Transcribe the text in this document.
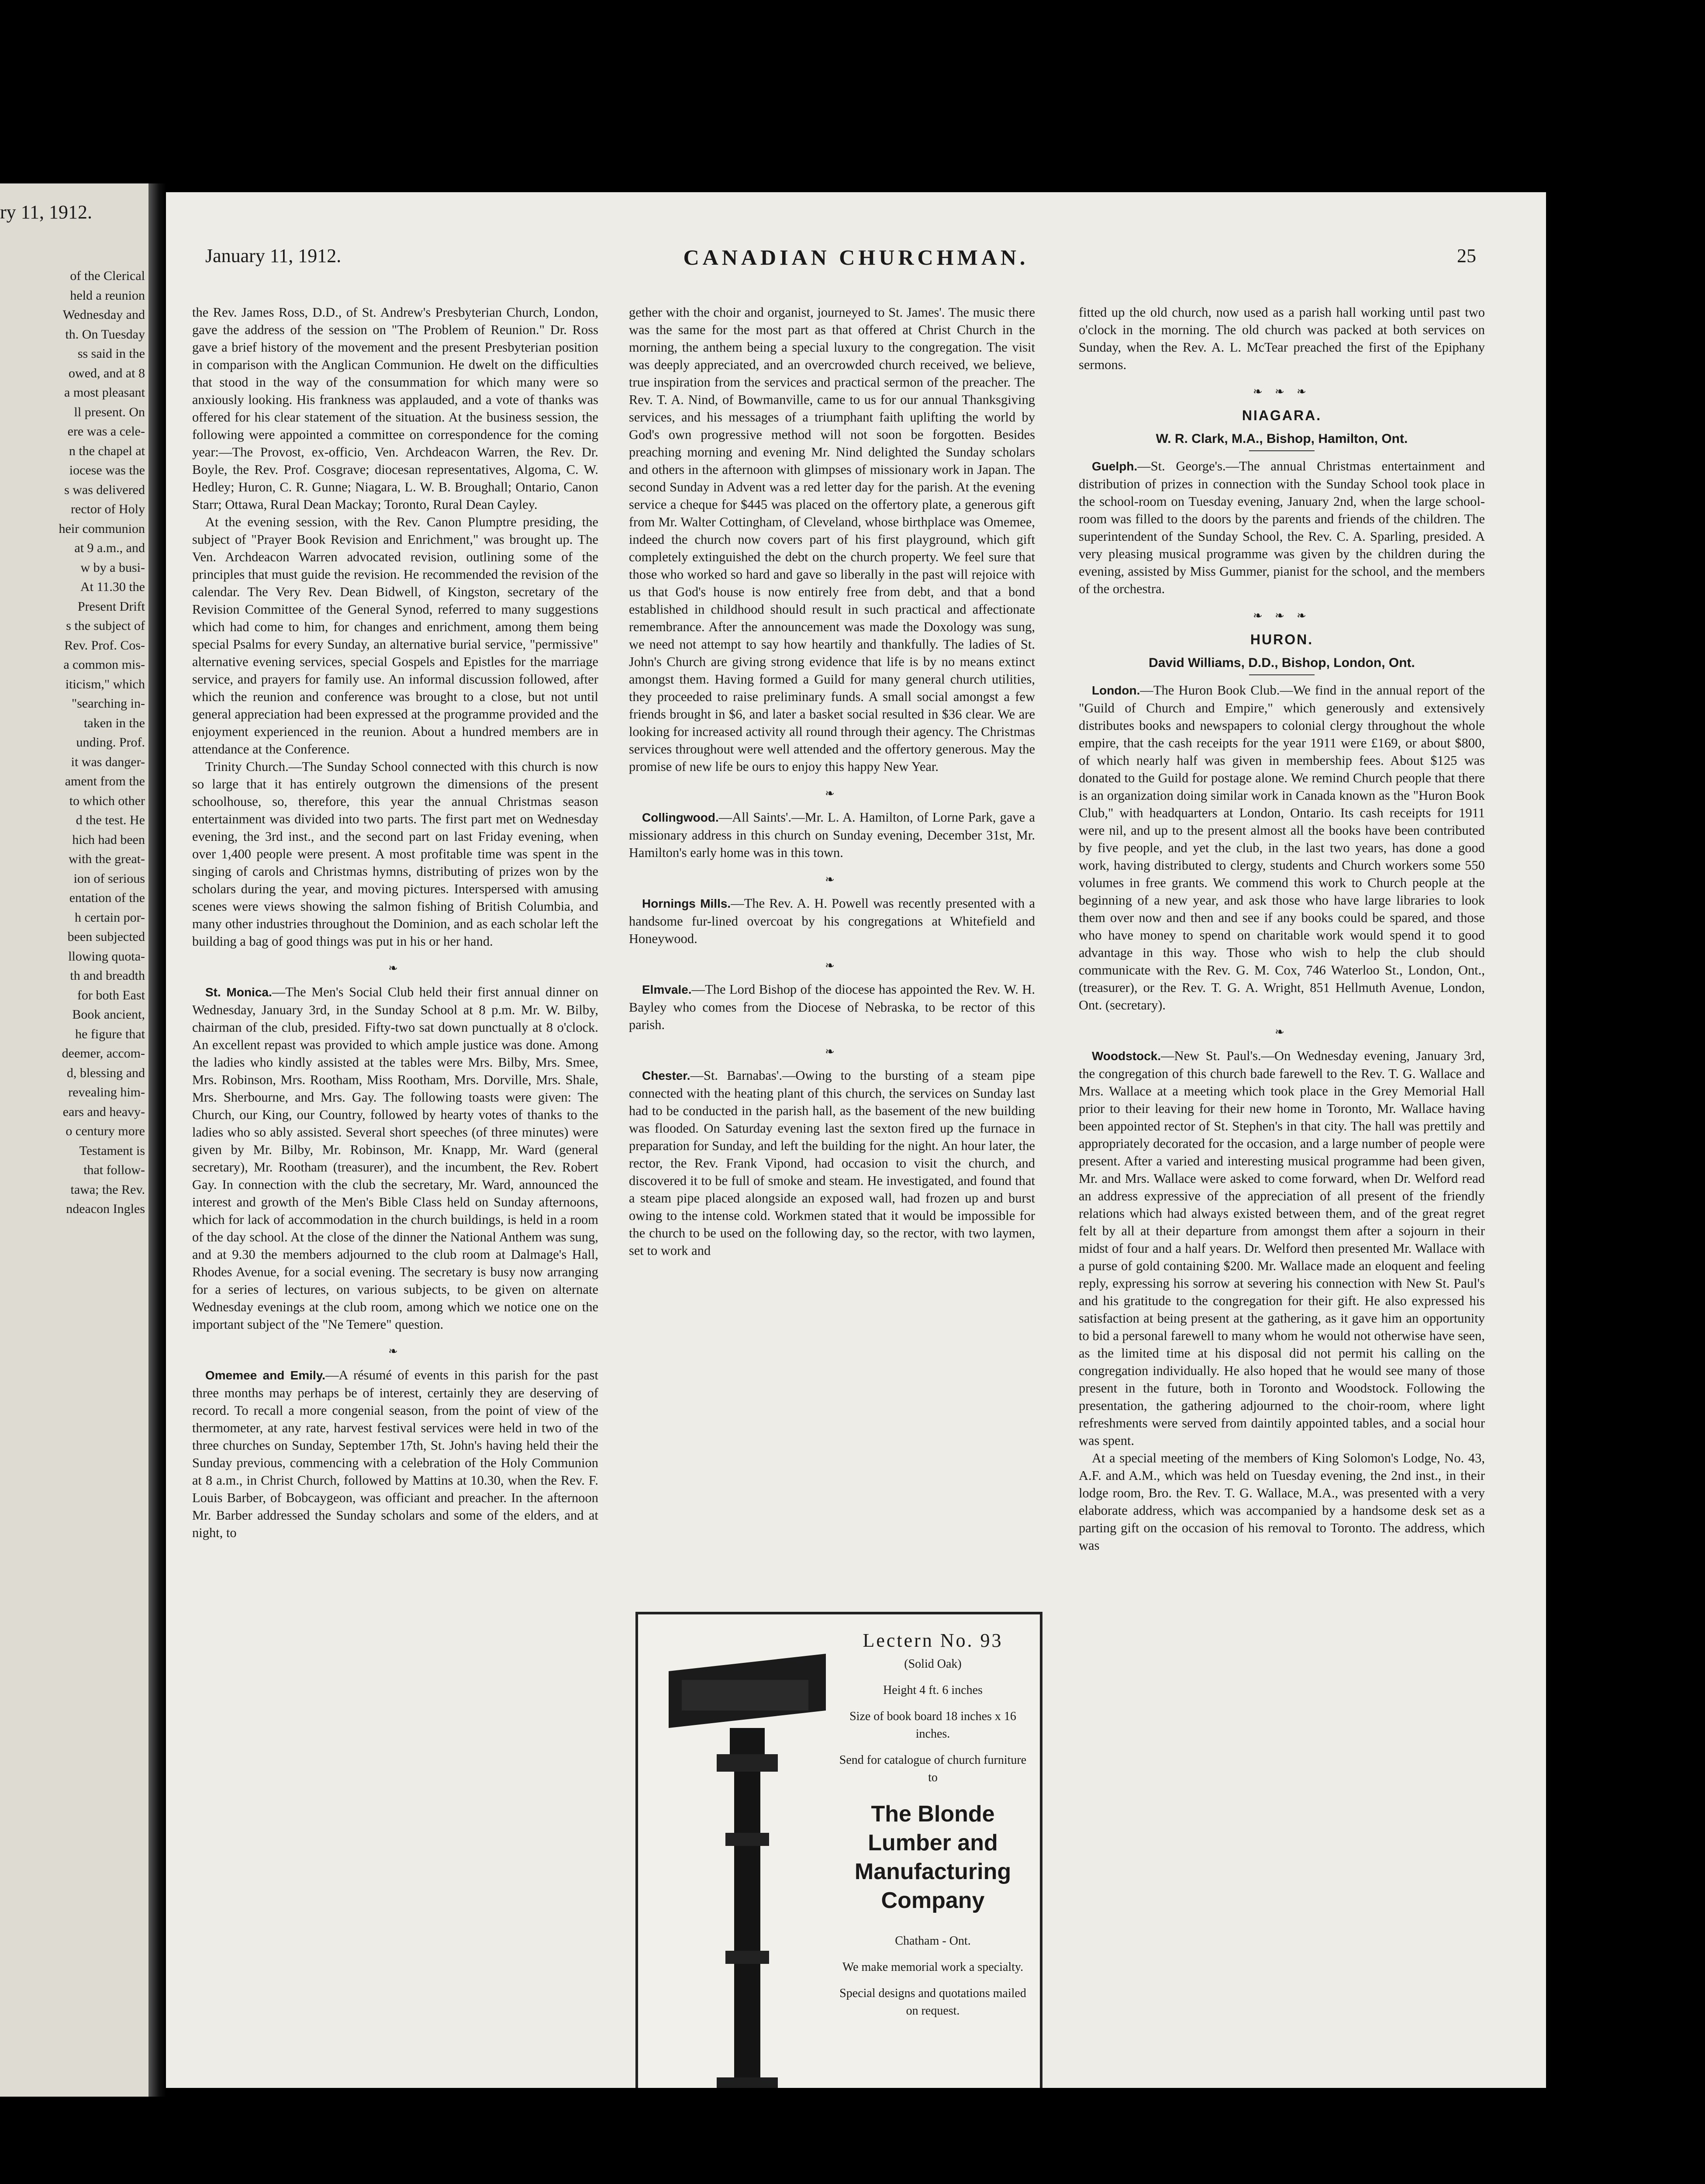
ry 11, 1912.
of the Clerical
held a reunion
Wednesday and
th. On Tuesday
ss said in the
owed, and at 8
a most pleasant
ll present. On
ere was a cele-
n the chapel at
iocese was the
s was delivered
rector of Holy
heir communion
at 9 a.m., and
w by a busi-
At 11.30 the
Present Drift
s the subject of
Rev. Prof. Cos-
a common mis-
iticism," which
"searching in-
taken in the
unding. Prof.
it was danger-
ament from the
to which other
d the test. He
hich had been
with the great-
ion of serious
entation of the
h certain por-
been subjected
llowing quota-
th and breadth
for both East
Book ancient,
he figure that
deemer, accom-
d, blessing and
revealing him-
ears and heavy-
o century more
Testament is
that follow-
tawa; the Rev.
ndeacon Ingles
January 11, 1912.	CANADIAN CHURCHMAN.	25

the Rev. James Ross, D.D., of St. Andrew's Presbyterian Church, London, gave the address of the session on "The Problem of Reunion." Dr. Ross gave a brief history of the movement and the present Presbyterian position in comparison with the Anglican Communion. He dwelt on the difficulties that stood in the way of the consummation for which many were so anxiously looking. His frankness was applauded, and a vote of thanks was offered for his clear statement of the situation. At the business session, the following were appointed a committee on correspondence for the coming year:—The Provost, ex-officio, Ven. Archdeacon Warren, the Rev. Dr. Boyle, the Rev. Prof. Cosgrave; diocesan representatives, Algoma, C. W. Hedley; Huron, C. R. Gunne; Niagara, L. W. B. Broughall; Ontario, Canon Starr; Ottawa, Rural Dean Mackay; Toronto, Rural Dean Cayley.

At the evening session, with the Rev. Canon Plumptre presiding, the subject of "Prayer Book Revision and Enrichment," was brought up. The Ven. Archdeacon Warren advocated revision, outlining some of the principles that must guide the revision. He recommended the revision of the calendar. The Very Rev. Dean Bidwell, of Kingston, secretary of the Revision Committee of the General Synod, referred to many suggestions which had come to him, for changes and enrichment, among them being special Psalms for every Sunday, an alternative burial service, "permissive" alternative evening services, special Gospels and Epistles for the marriage service, and prayers for family use. An informal discussion followed, after which the reunion and conference was brought to a close, but not until general appreciation had been expressed at the programme provided and the enjoyment experienced in the reunion. About a hundred members are in attendance at the Conference.

Trinity Church.—The Sunday School connected with this church is now so large that it has entirely outgrown the dimensions of the present schoolhouse, so, therefore, this year the annual Christmas season entertainment was divided into two parts. The first part met on Wednesday evening, the 3rd inst., and the second part on last Friday evening, when over 1,400 people were present. A most profitable time was spent in the singing of carols and Christmas hymns, distributing of prizes won by the scholars during the year, and moving pictures. Interspersed with amusing scenes were views showing the salmon fishing of British Columbia, and many other industries throughout the Dominion, and as each scholar left the building a bag of good things was put in his or her hand.

❧

St. Monica.—The Men's Social Club held their first annual dinner on Wednesday, January 3rd, in the Sunday School at 8 p.m. Mr. W. Bilby, chairman of the club, presided. Fifty-two sat down punctually at 8 o'clock. An excellent repast was provided to which ample justice was done. Among the ladies who kindly assisted at the tables were Mrs. Bilby, Mrs. Smee, Mrs. Robinson, Mrs. Rootham, Miss Rootham, Mrs. Dorville, Mrs. Shale, Mrs. Sherbourne, and Mrs. Gay. The following toasts were given: The Church, our King, our Country, followed by hearty votes of thanks to the ladies who so ably assisted. Several short speeches (of three minutes) were given by Mr. Bilby, Mr. Robinson, Mr. Knapp, Mr. Ward (general secretary), Mr. Rootham (treasurer), and the incumbent, the Rev. Robert Gay. In connection with the club the secretary, Mr. Ward, announced the interest and growth of the Men's Bible Class held on Sunday afternoons, which for lack of accommodation in the church buildings, is held in a room of the day school. At the close of the dinner the National Anthem was sung, and at 9.30 the members adjourned to the club room at Dalmage's Hall, Rhodes Avenue, for a social evening. The secretary is busy now arranging for a series of lectures, on various subjects, to be given on alternate Wednesday evenings at the club room, among which we notice one on the important subject of the "Ne Temere" question.

❧

Omemee and Emily.—A résumé of events in this parish for the past three months may perhaps be of interest, certainly they are deserving of record. To recall a more congenial season, from the point of view of the thermometer, at any rate, harvest festival services were held in two of the three churches on Sunday, September 17th, St. John's having held their the Sunday previous, commencing with a celebration of the Holy Communion at 8 a.m., in Christ Church, followed by Mattins at 10.30, when the Rev. F. Louis Barber, of Bobcaygeon, was officiant and preacher. In the afternoon Mr. Barber addressed the Sunday scholars and some of the elders, and at night, to

gether with the choir and organist, journeyed to St. James'. The music there was the same for the most part as that offered at Christ Church in the morning, the anthem being a special luxury to the congregation. The visit was deeply appreciated, and an overcrowded church received, we believe, true inspiration from the services and practical sermon of the preacher. The Rev. T. A. Nind, of Bowmanville, came to us for our annual Thanksgiving services, and his messages of a triumphant faith uplifting the world by God's own progressive method will not soon be forgotten. Besides preaching morning and evening Mr. Nind delighted the Sunday scholars and others in the afternoon with glimpses of missionary work in Japan. The second Sunday in Advent was a red letter day for the parish. At the evening service a cheque for $445 was placed on the offertory plate, a generous gift from Mr. Walter Cottingham, of Cleveland, whose birthplace was Omemee, indeed the church now covers part of his first playground, which gift completely extinguished the debt on the church property. We feel sure that those who worked so hard and gave so liberally in the past will rejoice with us that God's house is now entirely free from debt, and that a bond established in childhood should result in such practical and affectionate remembrance. After the announcement was made the Doxology was sung, we need not attempt to say how heartily and thankfully. The ladies of St. John's Church are giving strong evidence that life is by no means extinct amongst them. Having formed a Guild for many general church utilities, they proceeded to raise preliminary funds. A small social amongst a few friends brought in $6, and later a basket social resulted in $36 clear. We are looking for increased activity all round through their agency. The Christmas services throughout were well attended and the offertory generous. May the promise of new life be ours to enjoy this happy New Year.

❧

Collingwood.—All Saints'.—Mr. L. A. Hamilton, of Lorne Park, gave a missionary address in this church on Sunday evening, December 31st, Mr. Hamilton's early home was in this town.

❧

Hornings Mills.—The Rev. A. H. Powell was recently presented with a handsome fur-lined overcoat by his congregations at Whitefield and Honeywood.

❧

Elmvale.—The Lord Bishop of the diocese has appointed the Rev. W. H. Bayley who comes from the Diocese of Nebraska, to be rector of this parish.

❧

Chester.—St. Barnabas'.—Owing to the bursting of a steam pipe connected with the heating plant of this church, the services on Sunday last had to be conducted in the parish hall, as the basement of the new building was flooded. On Saturday evening last the sexton fired up the furnace in preparation for Sunday, and left the building for the night. An hour later, the rector, the Rev. Frank Vipond, had occasion to visit the church, and discovered it to be full of smoke and steam. He investigated, and found that a steam pipe placed alongside an exposed wall, had frozen up and burst owing to the intense cold. Workmen stated that it would be impossible for the church to be used on the following day, so the rector, with two laymen, set to work and

fitted up the old church, now used as a parish hall working until past two o'clock in the morning. The old church was packed at both services on Sunday, when the Rev. A. L. McTear preached the first of the Epiphany sermons.

❧ ❧ ❧
NIAGARA.
W. R. Clark, M.A., Bishop, Hamilton, Ont.

Guelph.—St. George's.—The annual Christmas entertainment and distribution of prizes in connection with the Sunday School took place in the school-room on Tuesday evening, January 2nd, when the large school-room was filled to the doors by the parents and friends of the children. The superintendent of the Sunday School, the Rev. C. A. Sparling, presided. A very pleasing musical programme was given by the children during the evening, assisted by Miss Gummer, pianist for the school, and the members of the orchestra.

❧ ❧ ❧
HURON.
David Williams, D.D., Bishop, London, Ont.

London.—The Huron Book Club.—We find in the annual report of the "Guild of Church and Empire," which generously and extensively distributes books and newspapers to colonial clergy throughout the whole empire, that the cash receipts for the year 1911 were £169, or about $800, of which nearly half was given in membership fees. About $125 was donated to the Guild for postage alone. We remind Church people that there is an organization doing similar work in Canada known as the "Huron Book Club," with headquarters at London, Ontario. Its cash receipts for 1911 were nil, and up to the present almost all the books have been contributed by five people, and yet the club, in the last two years, has done a good work, having distributed to clergy, students and Church workers some 550 volumes in free grants. We commend this work to Church people at the beginning of a new year, and ask those who have large libraries to look them over now and then and see if any books could be spared, and those who have money to spend on charitable work would spend it to good advantage in this way. Those who wish to help the club should communicate with the Rev. G. M. Cox, 746 Waterloo St., London, Ont., (treasurer), or the Rev. T. G. A. Wright, 851 Hellmuth Avenue, London, Ont. (secretary).

❧

Woodstock.—New St. Paul's.—On Wednesday evening, January 3rd, the congregation of this church bade farewell to the Rev. T. G. Wallace and Mrs. Wallace at a meeting which took place in the Grey Memorial Hall prior to their leaving for their new home in Toronto, Mr. Wallace having been appointed rector of St. Stephen's in that city. The hall was prettily and appropriately decorated for the occasion, and a large number of people were present. After a varied and interesting musical programme had been given, Mr. and Mrs. Wallace were asked to come forward, when Dr. Welford read an address expressive of the appreciation of all present of the friendly relations which had always existed between them, and of the great regret felt by all at their departure from amongst them after a sojourn in their midst of four and a half years. Dr. Welford then presented Mr. Wallace with a purse of gold containing $200. Mr. Wallace made an eloquent and feeling reply, expressing his sorrow at severing his connection with New St. Paul's and his gratitude to the congregation for their gift. He also expressed his satisfaction at being present at the gathering, as it gave him an opportunity to bid a personal farewell to many whom he would not otherwise have seen, as the limited time at his disposal did not permit his calling on the congregation individually. He also hoped that he would see many of those present in the future, both in Toronto and Woodstock. Following the presentation, the gathering adjourned to the choir-room, where light refreshments were served from daintily appointed tables, and a social hour was spent.

At a special meeting of the members of King Solomon's Lodge, No. 43, A.F. and A.M., which was held on Tuesday evening, the 2nd inst., in their lodge room, Bro. the Rev. T. G. Wallace, M.A., was presented with a very elaborate address, which was accompanied by a handsome desk set as a parting gift on the occasion of his removal to Toronto. The address, which was

Lectern No. 93

(Solid Oak)

Height 4 ft. 6 inches

Size of book board 18 inches x 16 inches.

Send for catalogue of church furniture to

The Blonde Lumber and Manufacturing Company

Chatham - Ont.

We make memorial work a specialty.

Special designs and quotations mailed on request.
